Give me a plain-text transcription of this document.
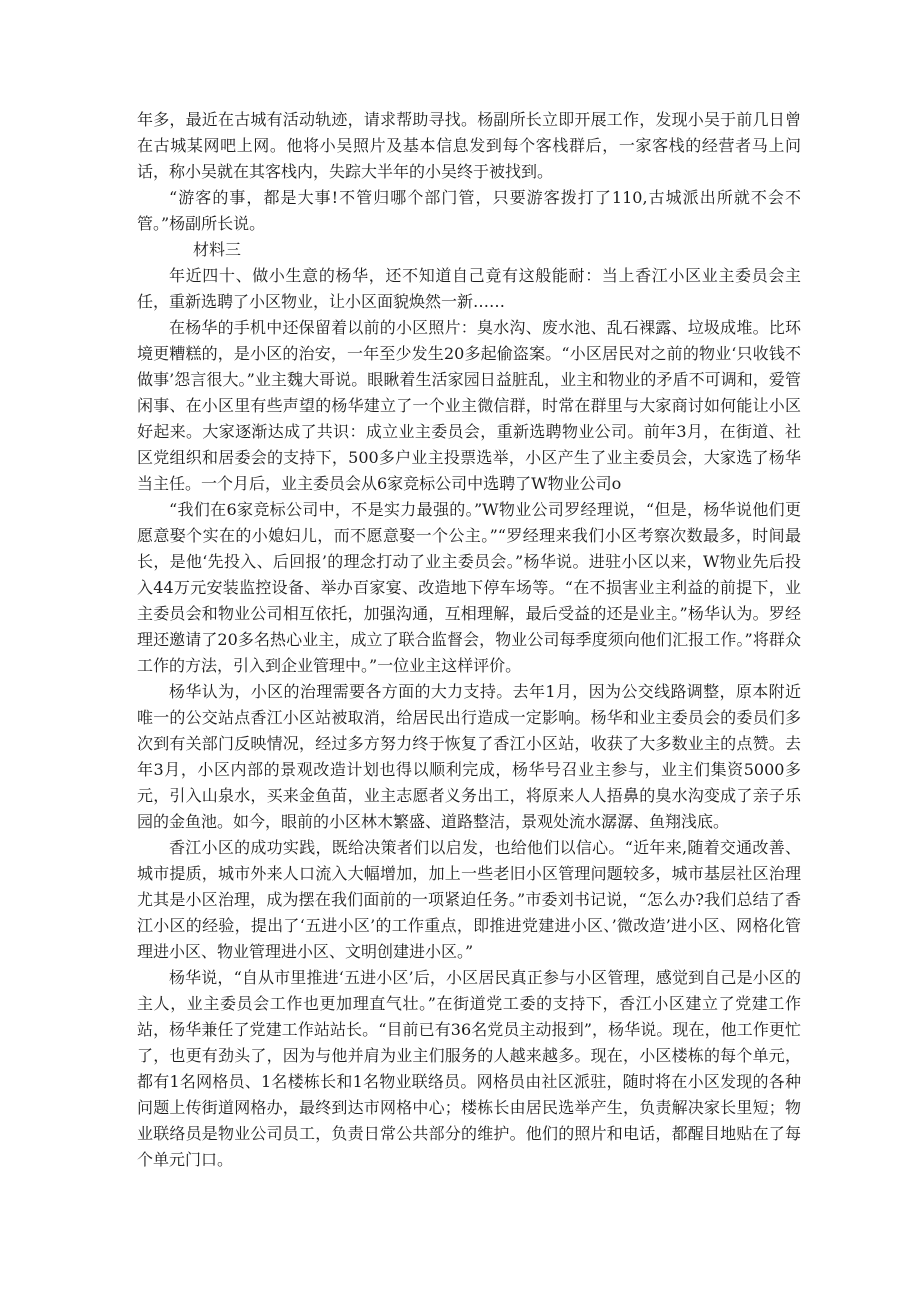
年多，最近在古城有活动轨迹，请求帮助寻找。杨副所长立即开展工作，发现小吴于前几日曾在古城某网吧上网。他将小吴照片及基本信息发到每个客栈群后，一家客栈的经营者马上问话，称小吴就在其客栈内，失踪大半年的小吴终于被找到。

“游客的事，都是大事!不管归哪个部门管，只要游客拨打了110,古城派出所就不会不管。”杨副所长说。

材料三

年近四十、做小生意的杨华，还不知道自己竟有这般能耐：当上香江小区业主委员会主任，重新选聘了小区物业，让小区面貌焕然一新……

在杨华的手机中还保留着以前的小区照片：臭水沟、废水池、乱石裸露、垃圾成堆。比环境更糟糕的，是小区的治安，一年至少发生20多起偷盗案。“小区居民对之前的物业‘只收钱不做事’怨言很大。”业主魏大哥说。眼瞅着生活家园日益脏乱，业主和物业的矛盾不可调和，爱管闲事、在小区里有些声望的杨华建立了一个业主微信群，时常在群里与大家商讨如何能让小区好起来。大家逐渐达成了共识：成立业主委员会，重新选聘物业公司。前年3月，在街道、社区党组织和居委会的支持下，500多户业主投票选举，小区产生了业主委员会，大家选了杨华当主任。一个月后，业主委员会从6家竞标公司中选聘了W物业公司o

“我们在6家竞标公司中，不是实力最强的。”W物业公司罗经理说，“但是，杨华说他们更愿意娶个实在的小媳妇儿，而不愿意娶一个公主。”“罗经理来我们小区考察次数最多，时间最长，是他‘先投入、后回报’的理念打动了业主委员会。”杨华说。进驻小区以来，W物业先后投入44万元安装监控设备、举办百家宴、改造地下停车场等。“在不损害业主利益的前提下，业主委员会和物业公司相互依托，加强沟通，互相理解，最后受益的还是业主。”杨华认为。罗经理还邀请了20多名热心业主，成立了联合监督会，物业公司每季度须向他们汇报工作。”将群众工作的方法，引入到企业管理中。”一位业主这样评价。

杨华认为，小区的治理需要各方面的大力支持。去年1月，因为公交线路调整，原本附近唯一的公交站点香江小区站被取消，给居民出行造成一定影响。杨华和业主委员会的委员们多次到有关部门反映情况，经过多方努力终于恢复了香江小区站，收获了大多数业主的点赞。去年3月，小区内部的景观改造计划也得以顺利完成，杨华号召业主参与，业主们集资5000多元，引入山泉水，买来金鱼苗，业主志愿者义务出工，将原来人人捂鼻的臭水沟变成了亲子乐园的金鱼池。如今，眼前的小区林木繁盛、道路整洁，景观处流水潺潺、鱼翔浅底。

香江小区的成功实践，既给决策者们以启发，也给他们以信心。“近年来,随着交通改善、城市提质，城市外来人口流入大幅增加，加上一些老旧小区管理问题较多，城市基层社区治理尤其是小区治理，成为摆在我们面前的一项紧迫任务。”市委刘书记说，“怎么办?我们总结了香江小区的经验，提出了‘五进小区’的工作重点，即推进党建进小区、’微改造’进小区、网格化管理进小区、物业管理进小区、文明创建进小区。”

杨华说，“自从市里推进‘五进小区’后，小区居民真正参与小区管理，感觉到自己是小区的主人，业主委员会工作也更加理直气壮。”在街道党工委的支持下，香江小区建立了党建工作站，杨华兼任了党建工作站站长。“目前已有36名党员主动报到”，杨华说。现在，他工作更忙了，也更有劲头了，因为与他并肩为业主们服务的人越来越多。现在，小区楼栋的每个单元，都有1名网格员、1名楼栋长和1名物业联络员。网格员由社区派驻，随时将在小区发现的各种问题上传街道网格办，最终到达市网格中心；楼栋长由居民选举产生，负责解决家长里短；物业联络员是物业公司员工，负责日常公共部分的维护。他们的照片和电话，都醒目地贴在了每个单元门口。
